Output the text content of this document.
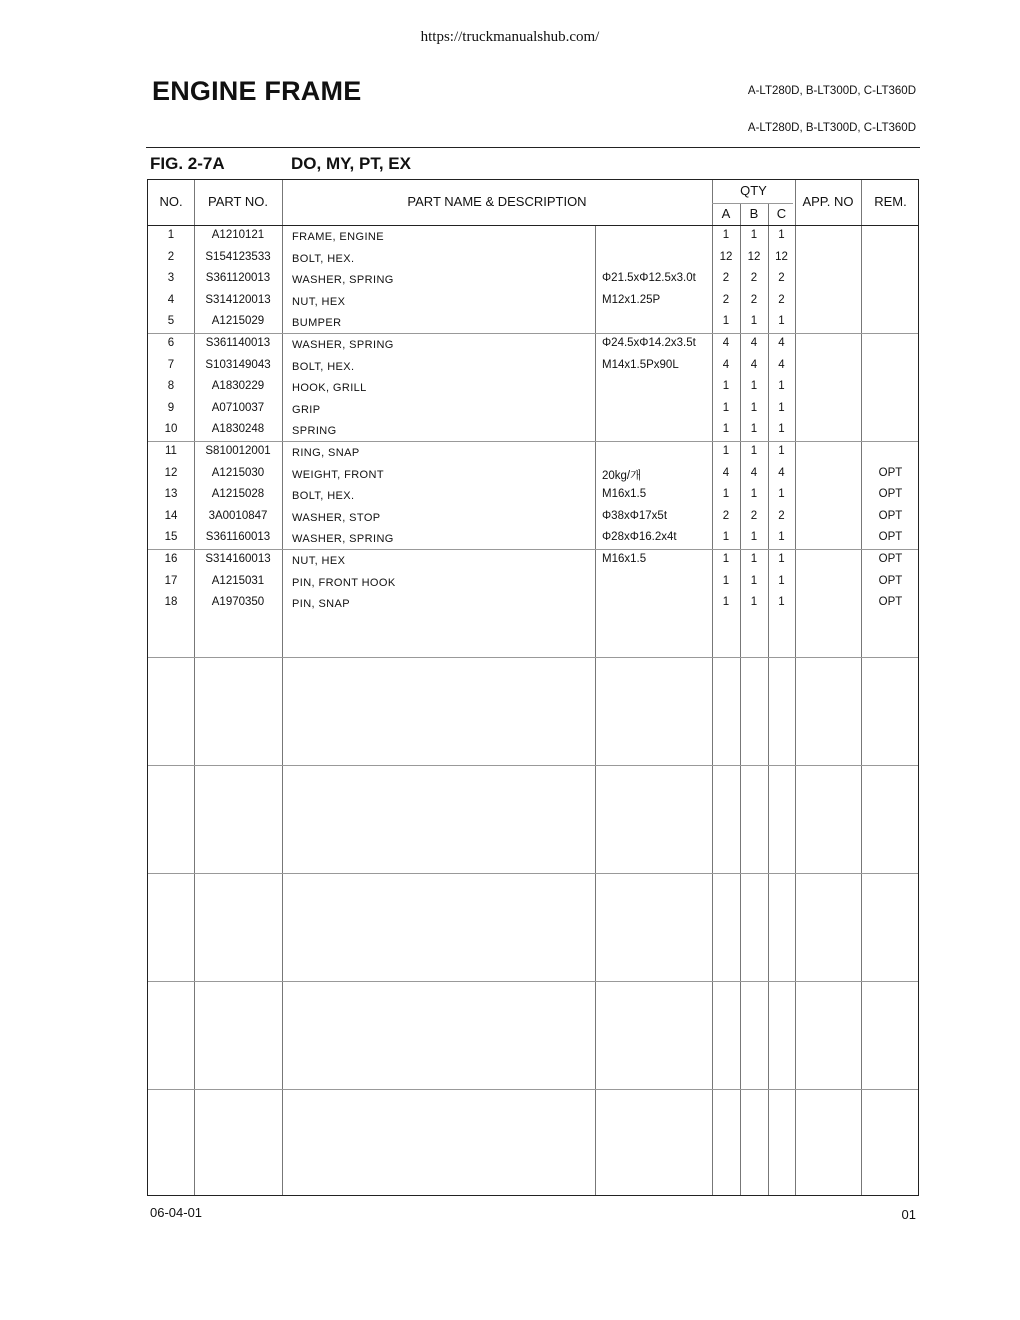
https://truckmanualshub.com/
ENGINE FRAME	A-LT280D, B-LT300D, C-LT360D
A-LT280D, B-LT300D, C-LT360D
FIG. 2-7A	DO, MY, PT, EX
NO.	PART NO.	PART NAME & DESCRIPTION
QTY
A	B	C
APP. NO	REM.
1	A1210121	FRAME, ENGINE	1	1	1
2	S154123533	BOLT, HEX.	12	12	12
3	S361120013	WASHER, SPRING	Φ21.5xΦ12.5x3.0t	2	2	2
4	S314120013	NUT, HEX	M12x1.25P	2	2	2
5	A1215029	BUMPER	1	1	1
6	S361140013	WASHER, SPRING	Φ24.5xΦ14.2x3.5t	4	4	4
7	S103149043	BOLT, HEX.	M14x1.5Px90L	4	4	4
8	A1830229	HOOK, GRILL	1	1	1
9	A0710037	GRIP	1	1	1
10	A1830248	SPRING	1	1	1
11	S810012001	RING, SNAP	1	1	1
12	A1215030	WEIGHT, FRONT	20kg/개	4	4	4	OPT
13	A1215028	BOLT, HEX.	M16x1.5	1	1	1	OPT
14	3A0010847	WASHER, STOP	Φ38xΦ17x5t	2	2	2	OPT
15	S361160013	WASHER, SPRING	Φ28xΦ16.2x4t	1	1	1	OPT
16	S314160013	NUT, HEX	M16x1.5	1	1	1	OPT
17	A1215031	PIN, FRONT HOOK	1	1	1	OPT
18	A1970350	PIN, SNAP	1	1	1	OPT
06-04-01	01
